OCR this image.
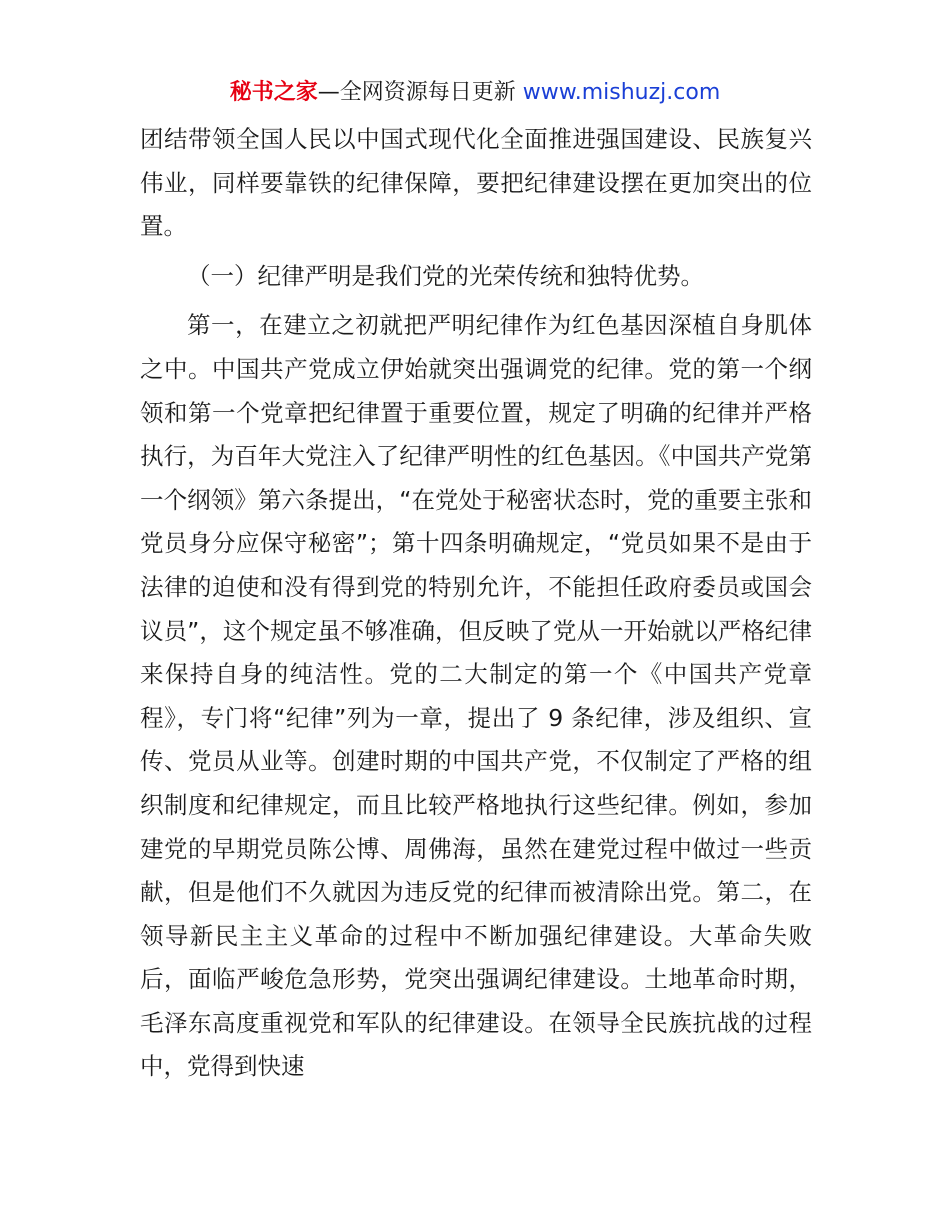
秘书之家—全网资源每日更新 www.mishuzj.com

团结带领全国人民以中国式现代化全面推进强国建设、民族复兴伟业，同样要靠铁的纪律保障，要把纪律建设摆在更加突出的位置。

（一）纪律严明是我们党的光荣传统和独特优势。

第一，在建立之初就把严明纪律作为红色基因深植自身肌体之中。中国共产党成立伊始就突出强调党的纪律。党的第一个纲领和第一个党章把纪律置于重要位置，规定了明确的纪律并严格执行，为百年大党注入了纪律严明性的红色基因。《中国共产党第一个纲领》第六条提出，“在党处于秘密状态时，党的重要主张和党员身分应保守秘密”；第十四条明确规定，“党员如果不是由于法律的迫使和没有得到党的特别允许，不能担任政府委员或国会议员”，这个规定虽不够准确，但反映了党从一开始就以严格纪律来保持自身的纯洁性。党的二大制定的第一个《中国共产党章程》，专门将“纪律”列为一章，提出了 9 条纪律，涉及组织、宣传、党员从业等。创建时期的中国共产党，不仅制定了严格的组织制度和纪律规定，而且比较严格地执行这些纪律。例如，参加建党的早期党员陈公博、周佛海，虽然在建党过程中做过一些贡献，但是他们不久就因为违反党的纪律而被清除出党。第二，在领导新民主主义革命的过程中不断加强纪律建设。大革命失败后，面临严峻危急形势，党突出强调纪律建设。土地革命时期，毛泽东高度重视党和军队的纪律建设。在领导全民族抗战的过程中，党得到快速
